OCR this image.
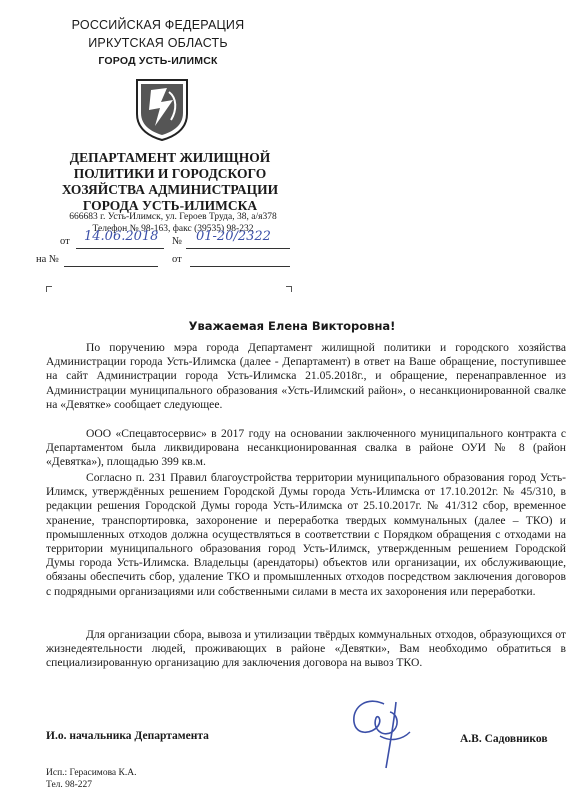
РОССИЙСКАЯ ФЕДЕРАЦИЯ
ИРКУТСКАЯ ОБЛАСТЬ
ГОРОД УСТЬ-ИЛИМСК
ДЕПАРТАМЕНТ ЖИЛИЩНОЙ
ПОЛИТИКИ И ГОРОДСКОГО
ХОЗЯЙСТВА АДМИНИСТРАЦИИ
ГОРОДА УСТЬ-ИЛИМСКА
666683 г. Усть-Илимск, ул. Героев Труда, 38, а/я378
Телефон № 98-163, факс (39535) 98-232
от 14.06.2018 № 01-20/2322
на №	от
Уважаемая Елена Викторовна!
По поручению мэра города Департамент жилищной политики и городского хозяйства Администрации города Усть-Илимска (далее - Департамент) в ответ на Ваше обращение, поступившее на сайт Администрации города Усть-Илимска 21.05.2018г., и обращение, перенаправленное из Администрации муниципального образования «Усть-Илимский район», о несанкционированной свалке на «Девятке» сообщает следующее.
ООО «Спецавтосервис» в 2017 году на основании заключенного муниципального контракта с Департаментом была ликвидирована несанкционированная свалка в районе ОУИ № 8 (район «Девятка»), площадью 399 кв.м.
Согласно п. 231 Правил благоустройства территории муниципального образования город Усть-Илимск, утверждённых решением Городской Думы города Усть-Илимска от 17.10.2012г. № 45/310, в редакции решения Городской Думы города Усть-Илимска от 25.10.2017г. № 41/312 сбор, временное хранение, транспортировка, захоронение и переработка твердых коммунальных (далее – ТКО) и промышленных отходов должна осуществляться в соответствии с Порядком обращения с отходами на территории муниципального образования город Усть-Илимск, утвержденным решением Городской Думы города Усть-Илимска. Владельцы (арендаторы) объектов или организации, их обслуживающие, обязаны обеспечить сбор, удаление ТКО и промышленных отходов посредством заключения договоров с подрядными организациями или собственными силами в места их захоронения или переработки.
Для организации сбора, вывоза и утилизации твёрдых коммунальных отходов, образующихся от жизнедеятельности людей, проживающих в районе «Девятки», Вам необходимо обратиться в специализированную организацию для заключения договора на вывоз ТКО.
И.о. начальника Департамента	А.В. Садовников
Исп.: Герасимова К.А.
Тел. 98-227
